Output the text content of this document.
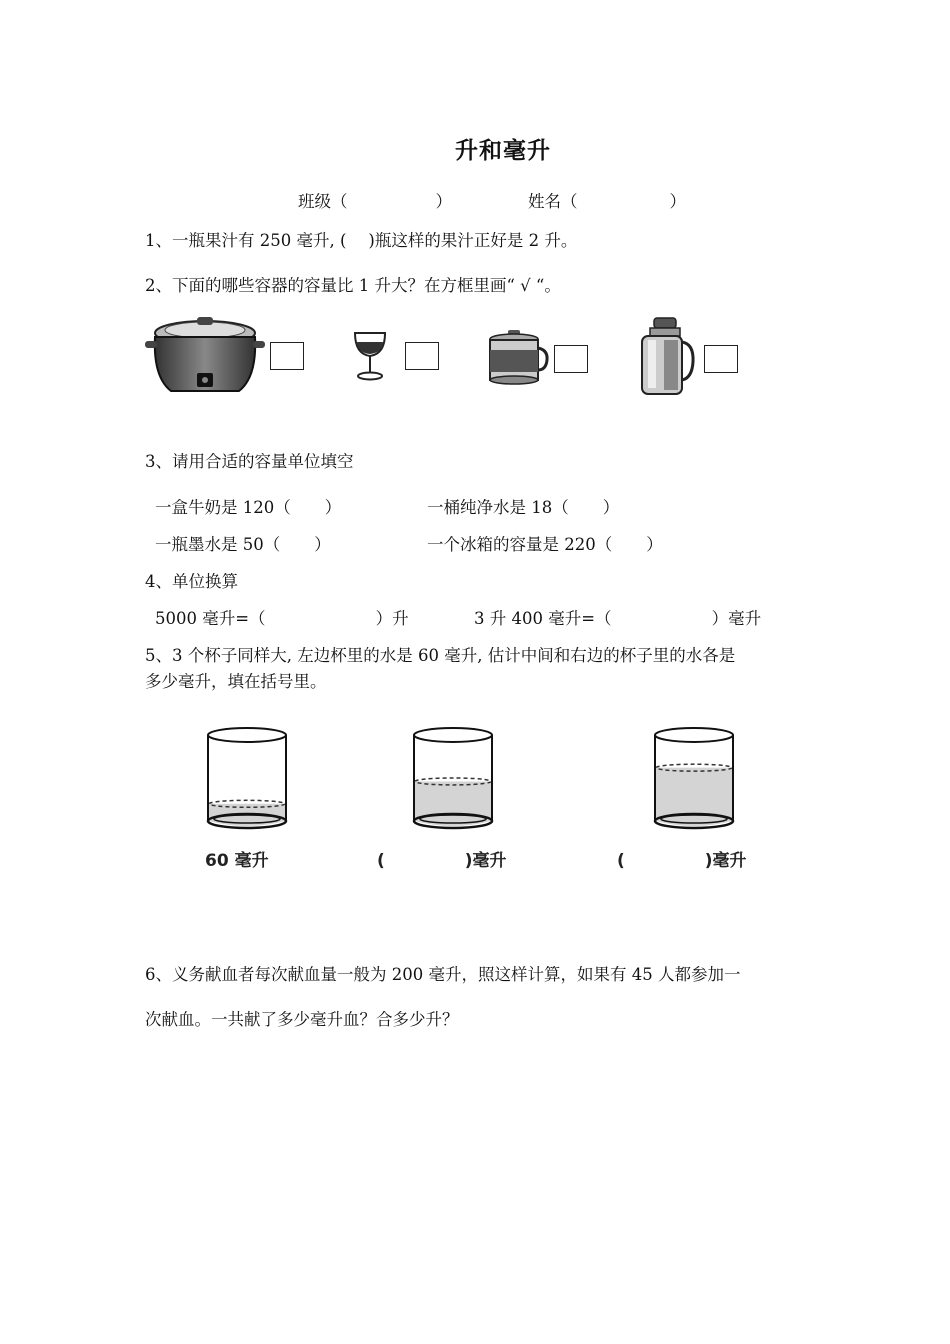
升和毫升
班级（	）	姓名（	）
1、一瓶果汁有 250 毫升, ( )瓶这样的果汁正好是 2 升。
2、下面的哪些容器的容量比 1 升大？在方框里画“ √ “。
3、请用合适的容量单位填空
一盒牛奶是 120（ ）	一桶纯净水是 18（ ）
一瓶墨水是 50（ ）	一个冰箱的容量是 220（ ）
4、单位换算
5000 毫升=（	）升	3 升 400 毫升=（	）毫升
5、3 个杯子同样大, 左边杯里的水是 60 毫升, 估计中间和右边的杯子里的水各是
多少毫升，填在括号里。
60 毫升	(	)毫升	(	)毫升
6、义务献血者每次献血量一般为 200 毫升，照这样计算，如果有 45 人都参加一
次献血。一共献了多少毫升血？合多少升？
